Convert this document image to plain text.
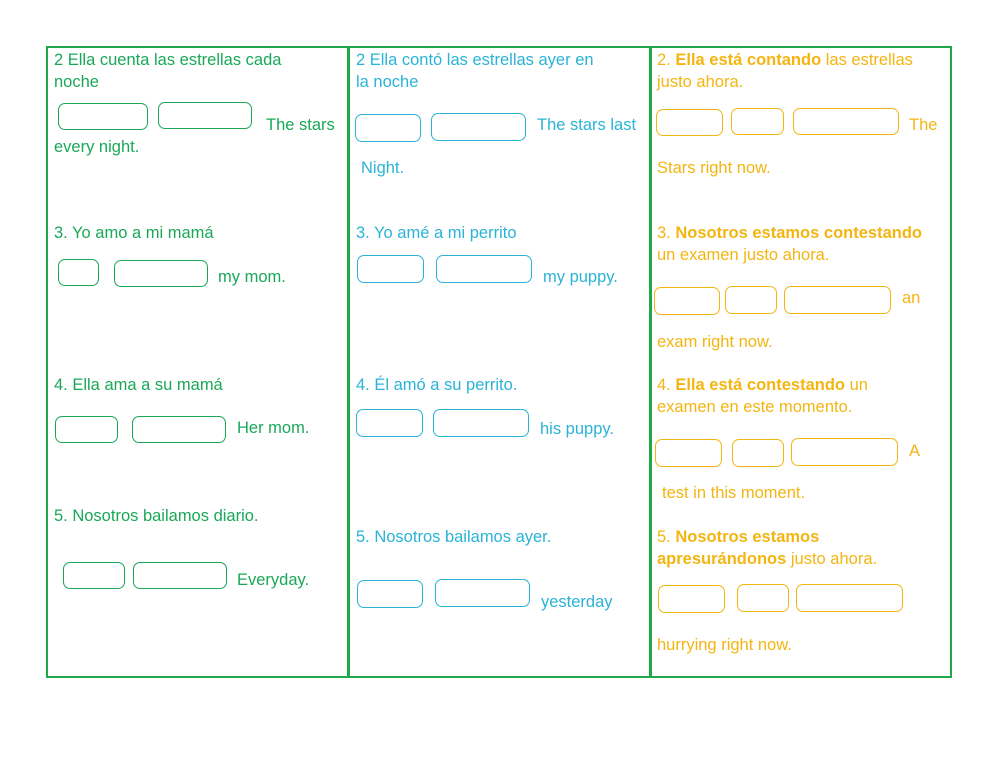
2 Ella cuenta las estrellas cada
noche
The stars
every night.
3. Yo amo a mi mamá
my mom.
4. Ella ama a su mamá
Her mom.
5. Nosotros bailamos diario.
Everyday.
2 Ella contó las estrellas ayer en
la noche
The stars last
Night.
3. Yo amé a mi perrito
my puppy.
4. Él amó a su perrito.
his puppy.
5. Nosotros bailamos ayer.
yesterday
2. Ella está contando las estrellas
justo ahora.
The
Stars right now.
3. Nosotros estamos contestando
un examen justo ahora.
an
exam right now.
4. Ella está contestando un
examen en este momento.
A
test in this moment.
5. Nosotros estamos
apresurándonos justo ahora.
hurrying right now.
